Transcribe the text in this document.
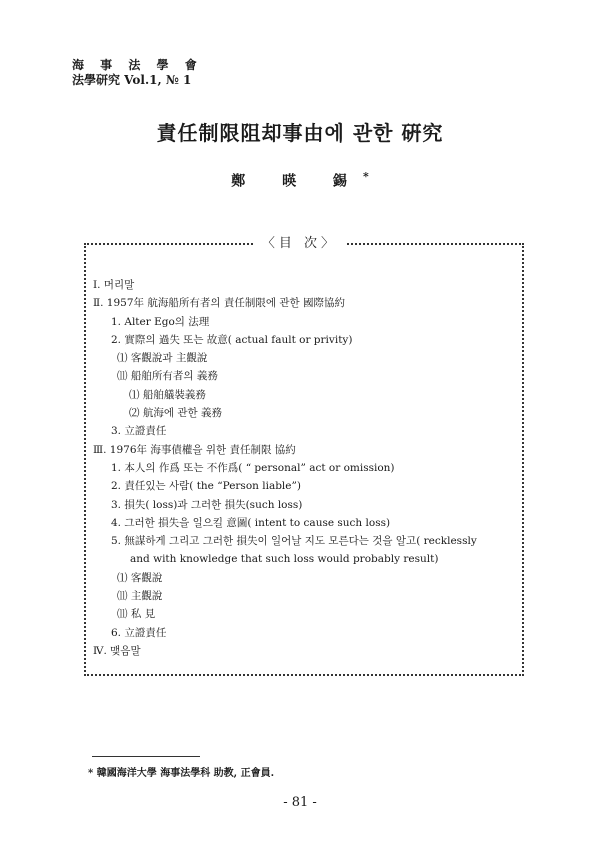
海 事 法 學 會
法學研究 Vol.1, № 1
責任制限阻却事由에 관한 硏究
鄭 暎 錫*
〈目 次〉
Ⅰ. 머리말
Ⅱ. 1957年 航海船所有者의 責任制限에 관한 國際協約
1. Alter Ego의 法理
2. 實際의 過失 또는 故意( actual fault or privity)
⑴ 客觀說과 主觀說
⑾ 船舶所有者의 義務
⑴ 船舶艤裝義務
⑵ 航海에 관한 義務
3. 立證責任
Ⅲ. 1976年 海事債權을 위한 責任制限 協約
1. 本人의 作爲 또는 不作爲( “ personal” act or omission)
2. 責任있는 사람( the “Person liable”)
3. 損失( loss)과 그러한 損失(such loss)
4. 그러한 損失을 일으킬 意圖( intent to cause such loss)
5. 無謀하게 그리고 그러한 損失이 일어날 지도 모른다는 것을 알고( recklessly
and with knowledge that such loss would probably result)
⑴ 客觀說
⑾ 主觀說
⑾ 私 見
6. 立證責任
Ⅳ. 맺음말
* 韓國海洋大學 海事法學科 助教, 正會員.
- 81 -
